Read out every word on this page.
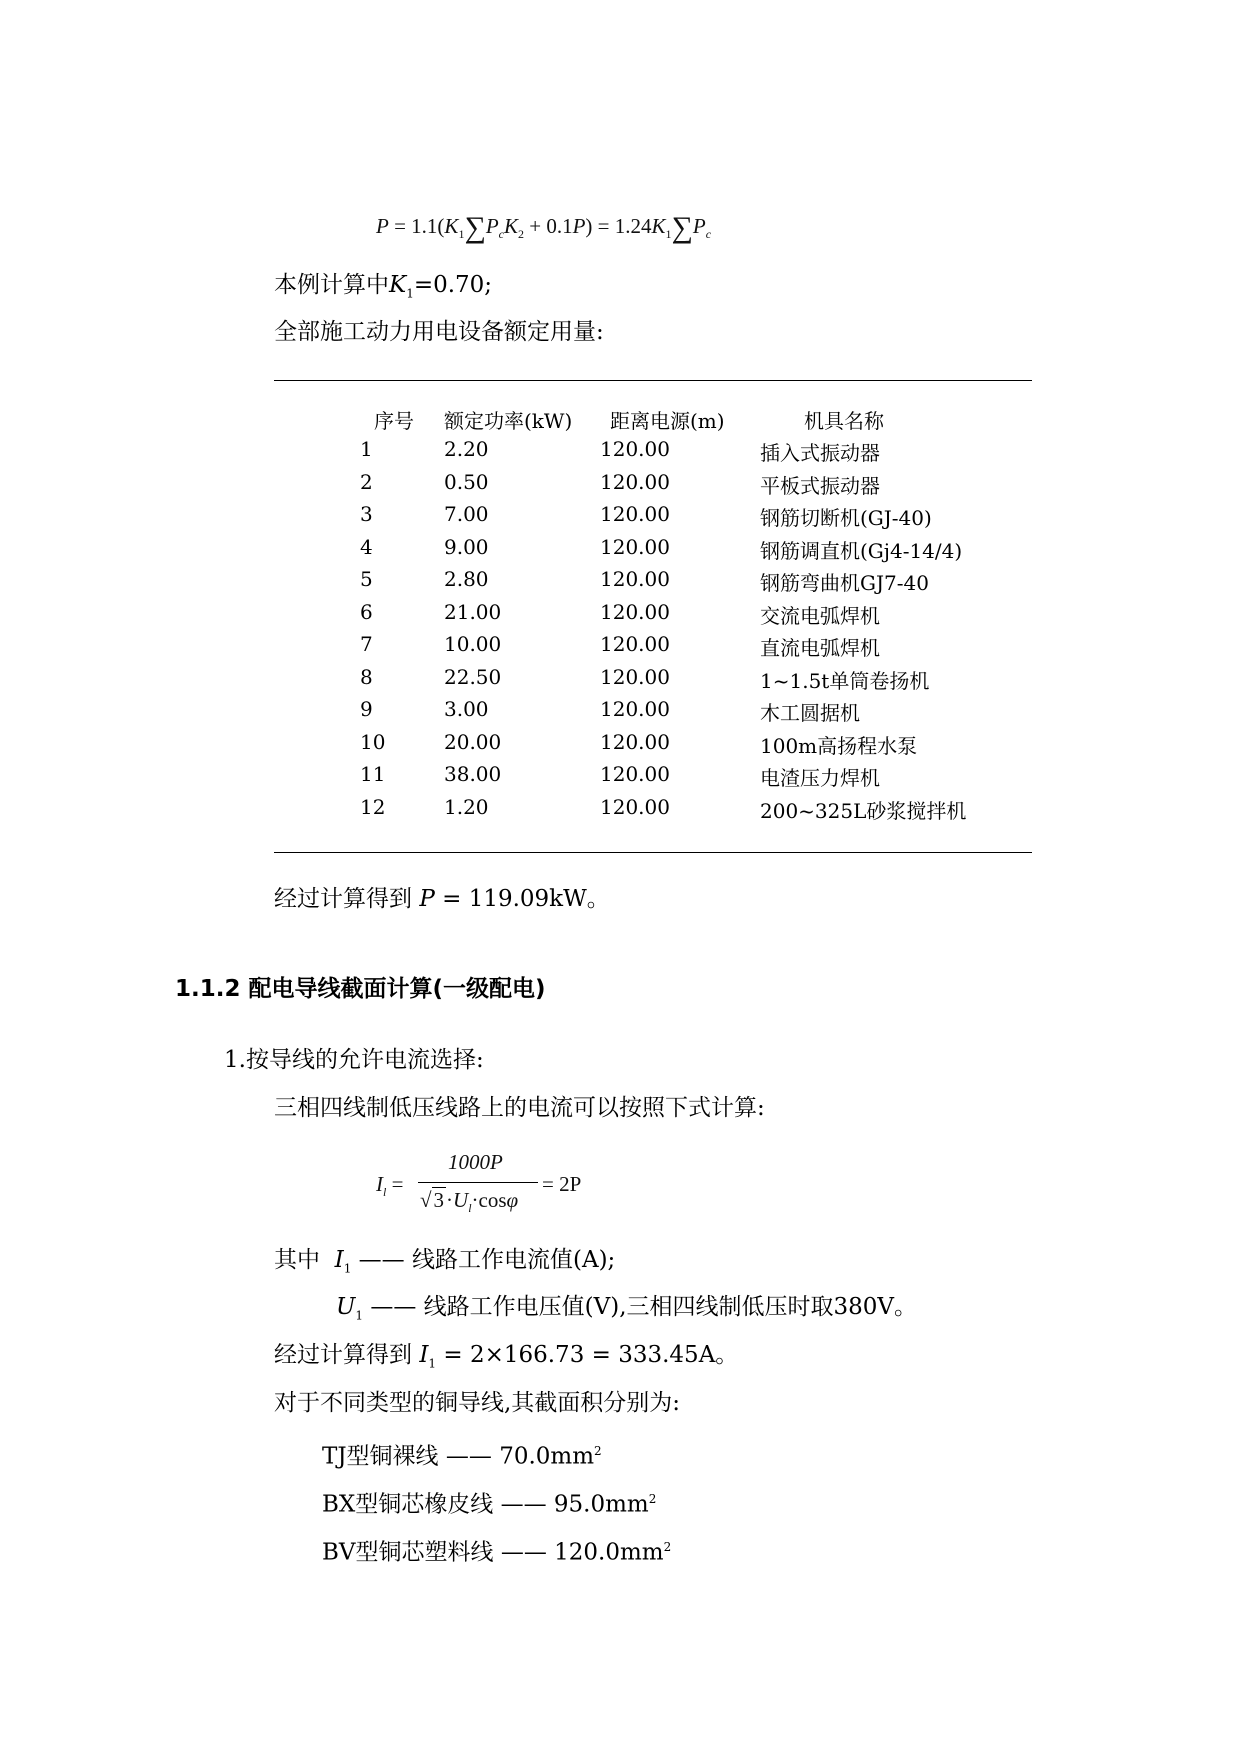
$P = 1.1(K_1\sum P_cK_2 + 0.1P) = 1.24K_1\sum P_c$
本例计算中$K_1=0.70$;
全部施工动力用电设备额定用量:
序号 额定功率(kW) 距离电源(m)	机具名称
1	2.20	120.00	插入式振动器
2	0.50	120.00	平板式振动器
3	7.00	120.00	钢筋切断机(GJ-40)
4	9.00	120.00	钢筋调直机(Gj4-14/4)
5	2.80	120.00	钢筋弯曲机GJ7-40
6	21.00	120.00	交流电弧焊机
7	10.00	120.00	直流电弧焊机
8	22.50	120.00	1~1.5t单筒卷扬机
9	3.00	120.00	木工圆据机
10	20.00	120.00	100m高扬程水泵
11	38.00	120.00	电渣压力焊机
12	1.20	120.00	200~325L砂浆搅拌机
经过计算得到 P = 119.09kW。
1.1.2 配电导线截面计算(一级配电)
1.按导线的允许电流选择:
三相四线制低压线路上的电流可以按照下式计算:
$I_l$ =
1000P
$√3\cdot U_l\cdot\cos\varphi$
= 2P
其中  $I_1$ —— 线路工作电流值(A);
$U_1$ —— 线路工作电压值(V),三相四线制低压时取380V。
经过计算得到 $I_1 = 2\times 166.73 = 333.45A$。
对于不同类型的铜导线,其截面积分别为:
TJ型铜裸线 —— $70.0mm^2$
BX型铜芯橡皮线 —— $95.0mm^2$
BV型铜芯塑料线 —— $120.0mm^2$
